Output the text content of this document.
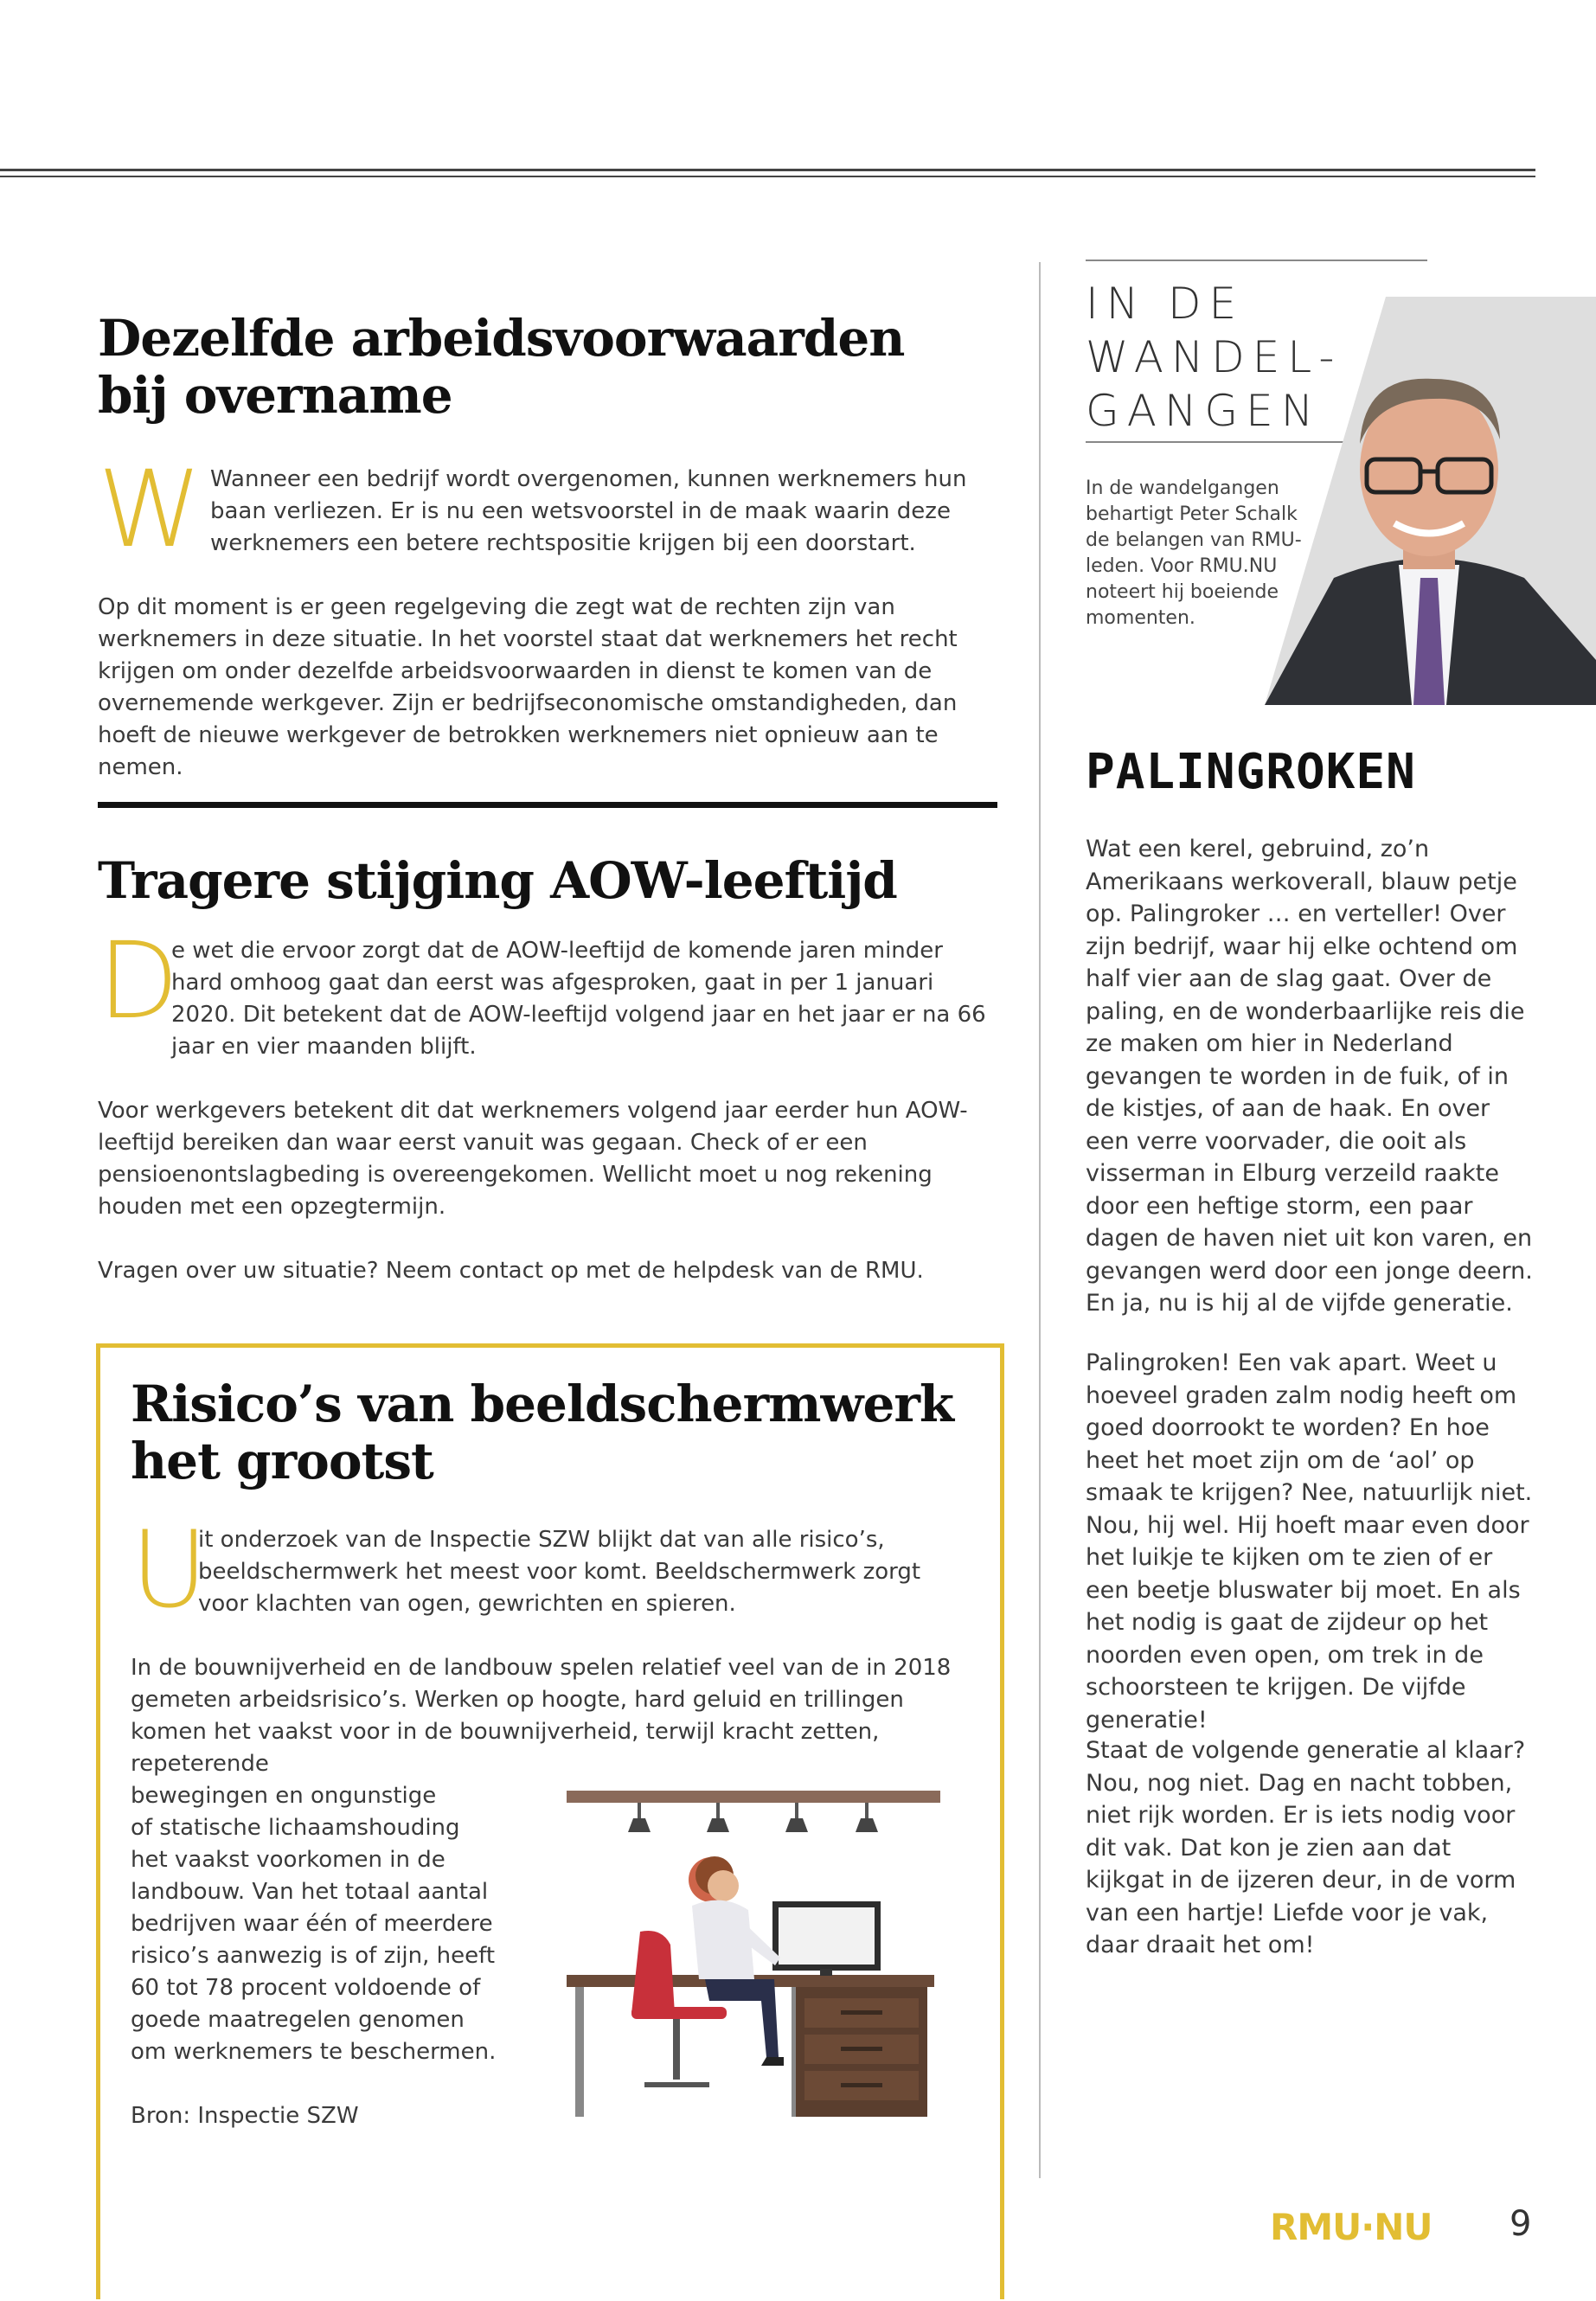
Dezelfde arbeidsvoorwaarden
bij overname
W Wanneer een bedrijf wordt overgenomen, kunnen werknemers hun baan verliezen. Er is nu een wetsvoorstel in de maak waarin deze werknemers een betere rechtspositie krijgen bij een doorstart.

Op dit moment is er geen regelgeving die zegt wat de rechten zijn van werknemers in deze situatie. In het voorstel staat dat werknemers het recht krijgen om onder dezelfde arbeidsvoorwaarden in dienst te komen van de overnemende werkgever. Zijn er bedrijfseconomische omstandigheden, dan hoeft de nieuwe werkgever de betrokken werknemers niet opnieuw aan te nemen.

Tragere stijging AOW-leeftijd
D

e wet die ervoor zorgt dat de AOW-leeftijd de komende jaren minder hard omhoog gaat dan eerst was afgesproken, gaat in per 1 januari 2020. Dit betekent dat de AOW-leeftijd volgend jaar en het jaar er na 66 jaar en vier maanden blijft.

Voor werkgevers betekent dit dat werknemers volgend jaar eerder hun AOW-leeftijd bereiken dan waar eerst vanuit was gegaan. Check of er een pensioenontslagbeding is overeengekomen. Wellicht moet u nog rekening houden met een opzegtermijn.

Vragen over uw situatie? Neem contact op met de helpdesk van de RMU.

Risico’s van beeldschermwerk
het grootst
U

it onderzoek van de Inspectie SZW blijkt dat van alle risico’s, beeldschermwerk het meest voor komt. Beeldschermwerk zorgt voor klachten van ogen, gewrichten en spieren.

In de bouwnijverheid en de landbouw spelen relatief veel van de in 2018 gemeten arbeidsrisico’s. Werken op hoogte, hard geluid en trillingen komen het vaakst voor in de bouwnijverheid, terwijl kracht zetten, repeterende

bewegingen en ongunstige

of statische lichaamshouding

het vaakst voorkomen in de

landbouw. Van het totaal aantal

bedrijven waar één of meerdere

risico’s aanwezig is of zijn, heeft

60 tot 78 procent voldoende of

goede maatregelen genomen

om werknemers te beschermen.

Bron: Inspectie SZW

IN DE
WANDEL-
GANGEN

In de wandelgangen behartigt Peter Schalk de belangen van RMU-leden. Voor RMU.NU noteert hij boeiende momenten.

PALINGROKEN

Wat een kerel, gebruind, zo’n Amerikaans werkoverall, blauw petje op. Palingroker … en verteller! Over zijn bedrijf, waar hij elke ochtend om half vier aan de slag gaat. Over de paling, en de wonderbaarlijke reis die ze maken om hier in Nederland gevangen te worden in de fuik, of in de kistjes, of aan de haak. En over een verre voorvader, die ooit als visserman in Elburg verzeild raakte door een heftige storm, een paar dagen de haven niet uit kon varen, en gevangen werd door een jonge deern. En ja, nu is hij al de vijfde generatie.

Palingroken! Een vak apart. Weet u hoeveel graden zalm nodig heeft om goed doorrookt te worden? En hoe heet het moet zijn om de ‘aol’ op smaak te krijgen? Nee, natuurlijk niet. Nou, hij wel. Hij hoeft maar even door het luikje te kijken om te zien of er een beetje bluswater bij moet. En als het nodig is gaat de zijdeur op het noorden even open, om trek in de schoorsteen te krijgen. De vijfde generatie!

Staat de volgende generatie al klaar? Nou, nog niet. Dag en nacht tobben, niet rijk worden. Er is iets nodig voor dit vak. Dat kon je zien aan dat kijkgat in de ijzeren deur, in de vorm van een hartje! Liefde voor je vak, daar draait het om!

RMU·NU 9
